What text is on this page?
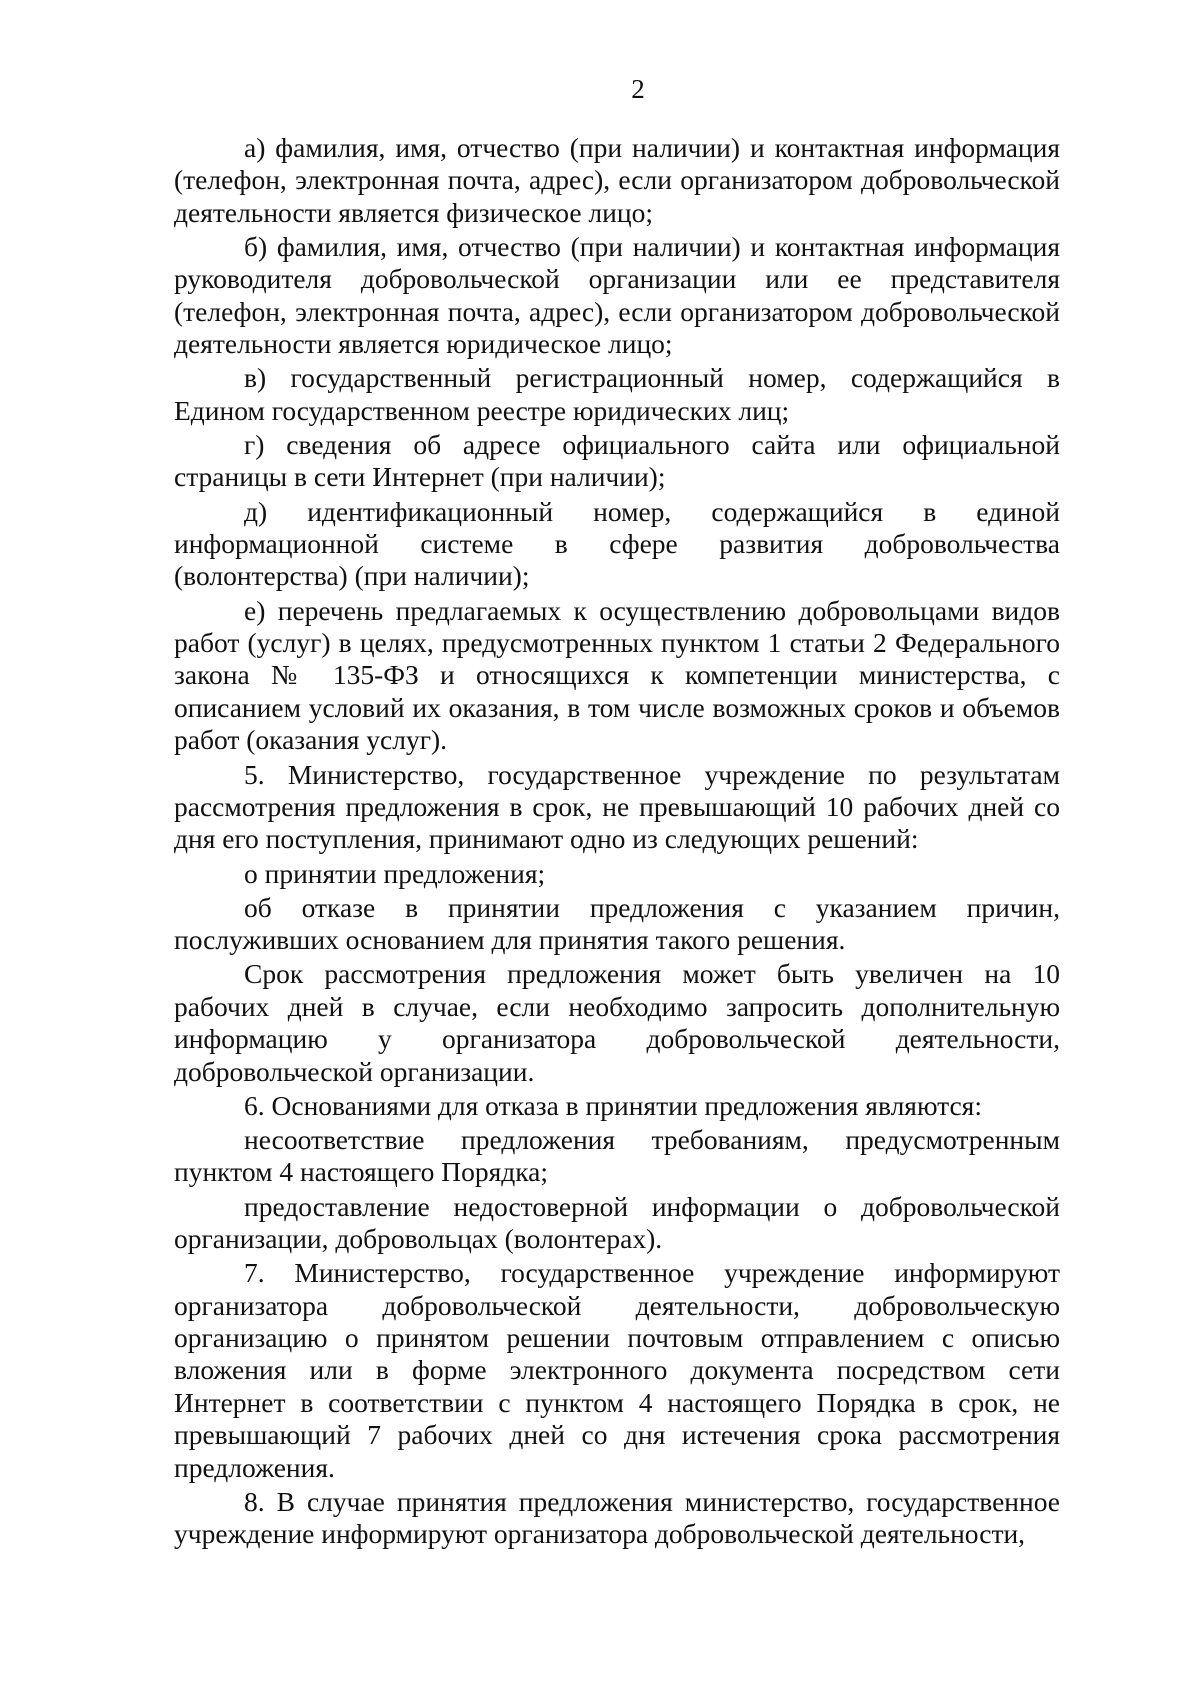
2

а) фамилия, имя, отчество (при наличии) и контактная информация (телефон, электронная почта, адрес), если организатором добровольческой деятельности является физическое лицо;

б) фамилия, имя, отчество (при наличии) и контактная информация руководителя добровольческой организации или ее представителя (телефон, электронная почта, адрес), если организатором добровольческой деятельности является юридическое лицо;

в) государственный регистрационный номер, содержащийся в Едином государственном реестре юридических лиц;

г) сведения об адресе официального сайта или официальной страницы в сети Интернет (при наличии);

д) идентификационный номер, содержащийся в единой информационной системе в сфере развития добровольчества (волонтерства) (при наличии);

е) перечень предлагаемых к осуществлению добровольцами видов работ (услуг) в целях, предусмотренных пунктом 1 статьи 2 Федерального закона № 135-ФЗ и относящихся к компетенции министерства, с описанием условий их оказания, в том числе возможных сроков и объемов работ (оказания услуг).

5. Министерство, государственное учреждение по результатам рассмотрения предложения в срок, не превышающий 10 рабочих дней со дня его поступления, принимают одно из следующих решений:

о принятии предложения;

об отказе в принятии предложения с указанием причин, послуживших основанием для принятия такого решения.

Срок рассмотрения предложения может быть увеличен на 10 рабочих дней в случае, если необходимо запросить дополнительную информацию у организатора добровольческой деятельности, добровольческой организации.

6. Основаниями для отказа в принятии предложения являются:

несоответствие предложения требованиям, предусмотренным пунктом 4 настоящего Порядка;

предоставление недостоверной информации о добровольческой организации, добровольцах (волонтерах).

7. Министерство, государственное учреждение информируют организатора добровольческой деятельности, добровольческую организацию о принятом решении почтовым отправлением с описью вложения или в форме электронного документа посредством сети Интернет в соответствии с пунктом 4 настоящего Порядка в срок, не превышающий 7 рабочих дней со дня истечения срока рассмотрения предложения.

8. В случае принятия предложения министерство, государственное учреждение информируют организатора добровольческой деятельности,
